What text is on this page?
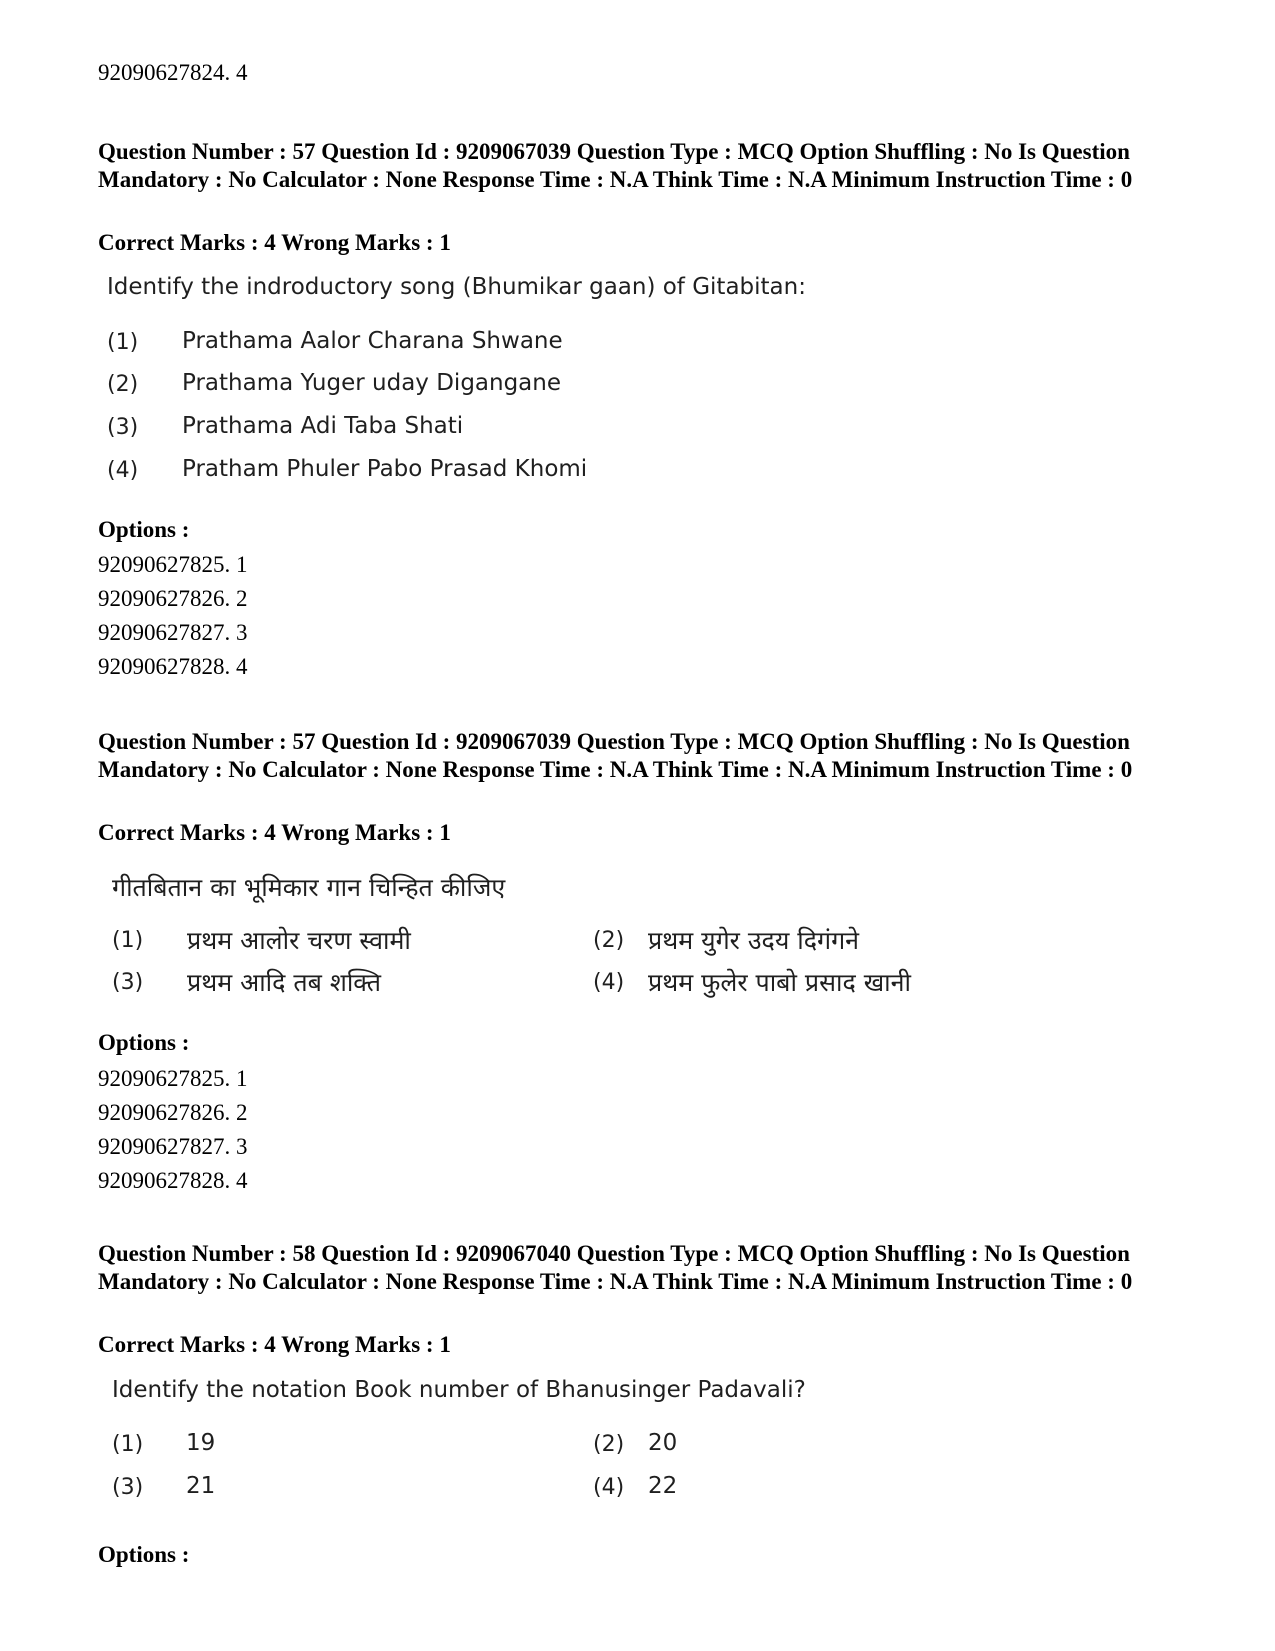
92090627824. 4
Question Number : 57 Question Id : 9209067039 Question Type : MCQ Option Shuffling : No Is Question Mandatory : No Calculator : None Response Time : N.A Think Time : N.A Minimum Instruction Time : 0
Correct Marks : 4 Wrong Marks : 1
Identify the indroductory song (Bhumikar gaan) of Gitabitan:
(1) Prathama Aalor Charana Shwane
(2) Prathama Yuger uday Digangane
(3) Prathama Adi Taba Shati
(4) Pratham Phuler Pabo Prasad Khomi
Options :
92090627825. 1
92090627826. 2
92090627827. 3
92090627828. 4
Question Number : 57 Question Id : 9209067039 Question Type : MCQ Option Shuffling : No Is Question Mandatory : No Calculator : None Response Time : N.A Think Time : N.A Minimum Instruction Time : 0
Correct Marks : 4 Wrong Marks : 1
गीतबितान का भूमिकार गान चिन्हित कीजिए
(1) प्रथम आलोर चरण स्वामी	(2) प्रथम युगेर उदय दिगंगने
(3) प्रथम आदि तब शक्ति	(4) प्रथम फुलेर पाबो प्रसाद खानी
Options :
92090627825. 1
92090627826. 2
92090627827. 3
92090627828. 4
Question Number : 58 Question Id : 9209067040 Question Type : MCQ Option Shuffling : No Is Question Mandatory : No Calculator : None Response Time : N.A Think Time : N.A Minimum Instruction Time : 0
Correct Marks : 4 Wrong Marks : 1
Identify the notation Book number of Bhanusinger Padavali?
(1) 19	(2) 20
(3) 21	(4) 22
Options :
